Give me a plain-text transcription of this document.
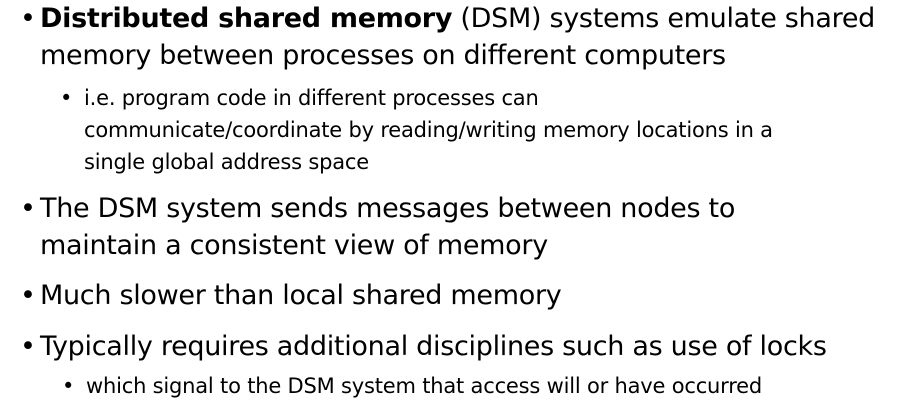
• Distributed shared memory (DSM) systems emulate shared
memory between processes on different computers
• i.e. program code in different processes can
communicate/coordinate by reading/writing memory locations in a
single global address space
• The DSM system sends messages between nodes to
maintain a consistent view of memory
• Much slower than local shared memory
• Typically requires additional disciplines such as use of locks
• which signal to the DSM system that access will or have occurred
